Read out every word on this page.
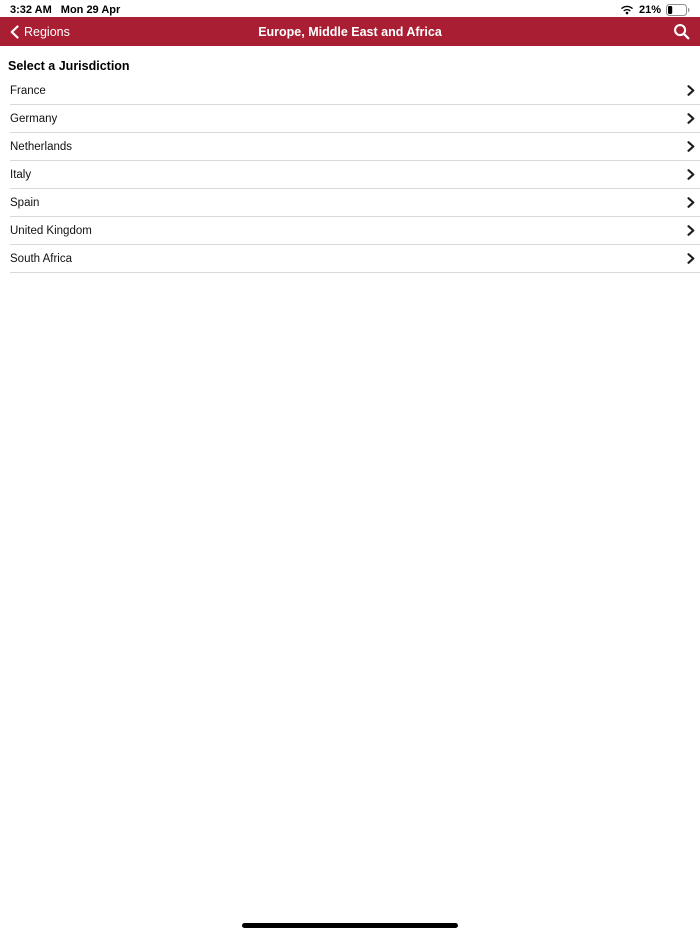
3:32 AM Mon 29 Apr	21%
Regions	Europe, Middle East and Africa
Select a Jurisdiction
France
Germany
Netherlands
Italy
Spain
United Kingdom
South Africa
